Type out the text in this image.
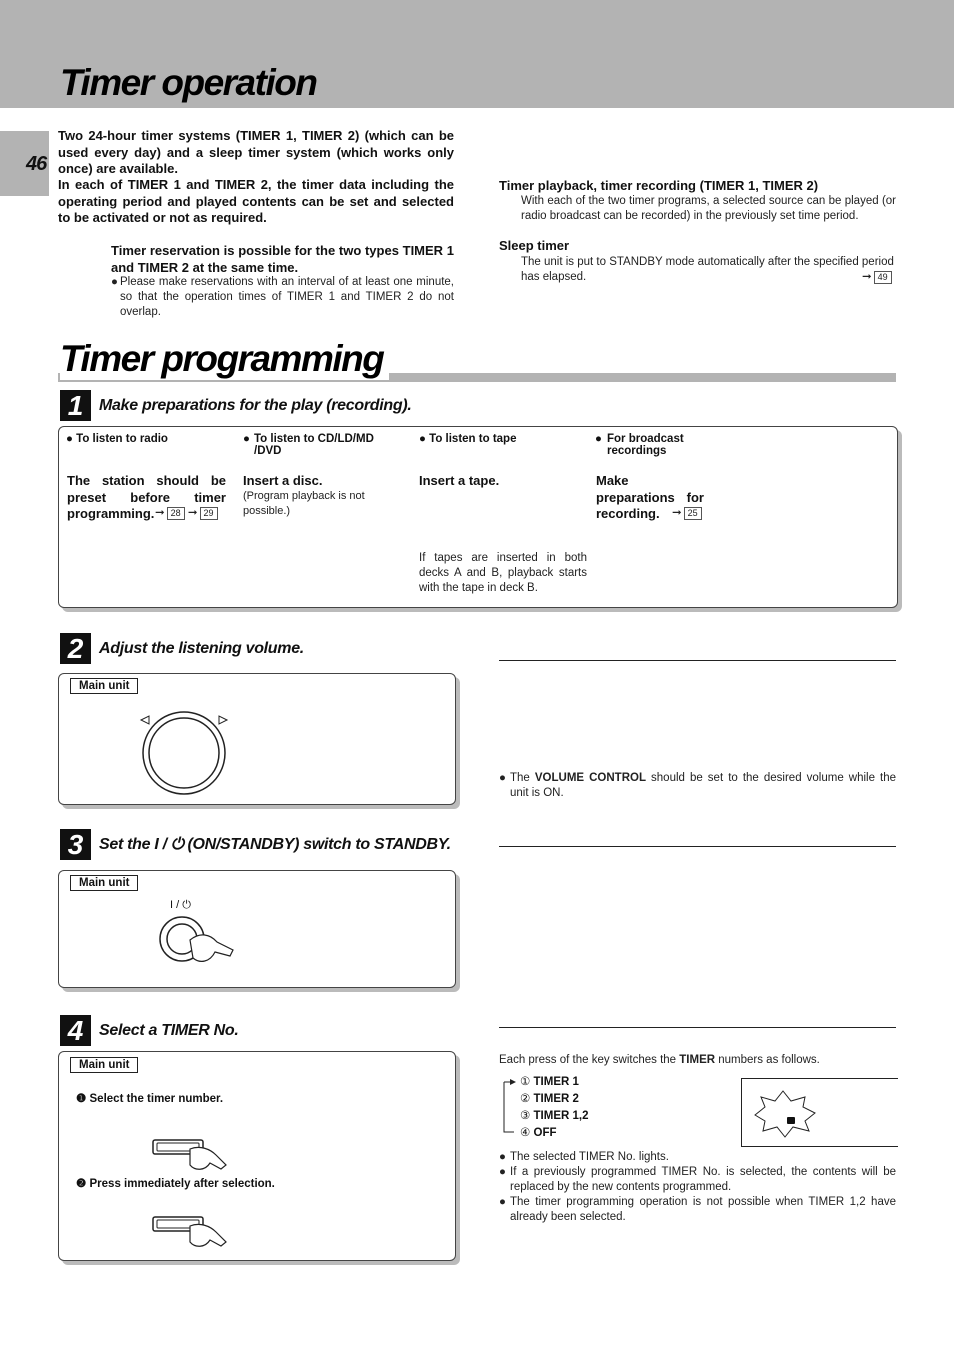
Timer operation
46
Two 24-hour timer systems (TIMER 1, TIMER 2) (which can be used every day) and a sleep timer system (which works only once) are available.
In each of TIMER 1 and TIMER 2, the timer data including the operating period and played contents can be set and selected to be activated or not as required.
Timer reservation is possible for the two types TIMER 1 and TIMER 2 at the same time.
● Please make reservations with an interval of at least one minute, so that the operation times of TIMER 1 and TIMER 2 do not overlap.
Timer playback, timer recording (TIMER 1, TIMER 2)
With each of the two timer programs, a selected source can be played (or radio broadcast can be recorded) in the previously set time period.
Sleep timer
The unit is put to STANDBY mode automatically after the specified period has elapsed.	➞ 49
Timer programming
1 Make preparations for the play (recording).
● To listen to radio
The station should be preset before timer programming. ➞ 28 ➞ 29
● To listen to CD/LD/MD /DVD
Insert a disc.
(Program playback is not possible.)
● To listen to tape
Insert a tape.
If tapes are inserted in both decks A and B, playback starts with the tape in deck B.
● For broadcast recordings
Make preparations for recording.	➞ 25
2 Adjust the listening volume.
Main unit
● The VOLUME CONTROL should be set to the desired volume while the unit is ON.
3 Set the I / ⏻ (ON/STANDBY) switch to STANDBY.
Main unit
I / ⏻
4 Select a TIMER No.
Main unit
❶ Select the timer number.
❷ Press immediately after selection.
Each press of the key switches the TIMER numbers as follows.
① TIMER 1
② TIMER 2
③ TIMER 1,2
④ OFF
● The selected TIMER No. lights.
● If a previously programmed TIMER No. is selected, the contents will be replaced by the new contents programmed.
● The timer programming operation is not possible when TIMER 1,2 have already been selected.
